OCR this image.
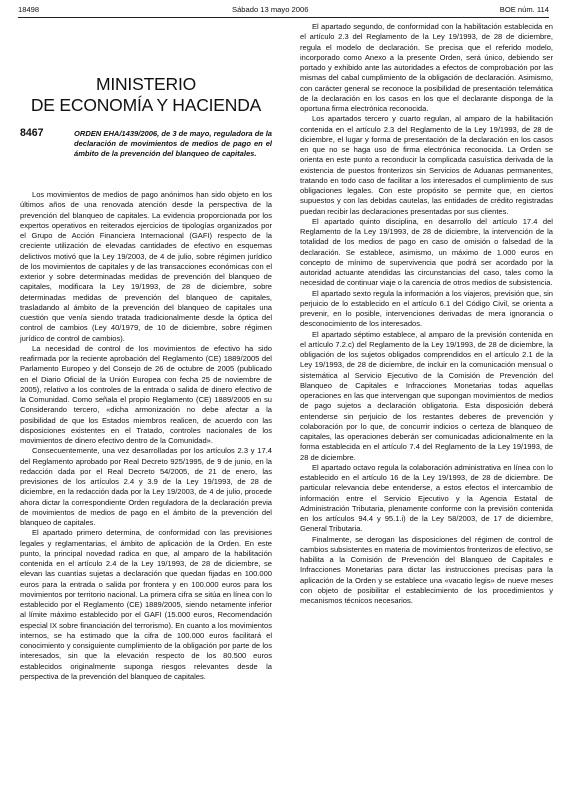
18498	Sábado 13 mayo 2006	BOE núm. 114
MINISTERIO
DE ECONOMÍA Y HACIENDA
8467	ORDEN EHA/1439/2006, de 3 de mayo, reguladora de la declaración de movimientos de medios de pago en el ámbito de la prevención del blanqueo de capitales.

Los movimientos de medios de pago anónimos han sido objeto en los últimos años de una renovada atención desde la perspectiva de la prevención del blanqueo de capitales. La evidencia proporcionada por los expertos operativos en reiterados ejercicios de tipologías organizados por el Grupo de Acción Financiera Internacional (GAFI) respecto de la creciente utilización de elevadas cantidades de efectivo en esquemas delictivos motivó que la Ley 19/2003, de 4 de julio, sobre régimen jurídico de los movimientos de capitales y de las transacciones económicas con el exterior y sobre determinadas medidas de prevención del blanqueo de capitales, modificara la Ley 19/1993, de 28 de diciembre, sobre determinadas medidas de prevención del blanqueo de capitales, trasladando al ámbito de la prevención del blanqueo de capitales una cuestión que venía siendo tratada tradicionalmente desde la óptica del control de cambios (Ley 40/1979, de 10 de diciembre, sobre régimen jurídico de control de cambios).

La necesidad de control de los movimientos de efectivo ha sido reafirmada por la reciente aprobación del Reglamento (CE) 1889/2005 del Parlamento Europeo y del Consejo de 26 de octubre de 2005 (publicado en el Diario Oficial de la Unión Europea con fecha 25 de noviembre de 2005), relativo a los controles de la entrada o salida de dinero efectivo de la Comunidad. Como señala el propio Reglamento (CE) 1889/2005 en su Considerando tercero, «dicha armonización no debe afectar a la posibilidad de que los Estados miembros realicen, de acuerdo con las disposiciones existentes en el Tratado, controles nacionales de los movimientos de dinero efectivo dentro de la Comunidad».

Consecuentemente, una vez desarrolladas por los artículos 2.3 y 17.4 del Reglamento aprobado por Real Decreto 925/1995, de 9 de junio, en la redacción dada por el Real Decreto 54/2005, de 21 de enero, las previsiones de los artículos 2.4 y 3.9 de la Ley 19/1993, de 28 de diciembre, en la redacción dada por la Ley 19/2003, de 4 de julio, procede ahora dictar la correspondiente Orden reguladora de la declaración previa de movimientos de medios de pago en el ámbito de la prevención del blanqueo de capitales.

El apartado primero determina, de conformidad con las previsiones legales y reglamentarias, el ámbito de aplicación de la Orden. En este punto, la principal novedad radica en que, al amparo de la habilitación contenida en el artículo 2.4 de la Ley 19/1993, de 28 de diciembre, se elevan las cuantías sujetas a declaración que quedan fijadas en 100.000 euros para la entrada o salida por frontera y en 100.000 euros para los movimientos por territorio nacional. La primera cifra se sitúa en línea con lo establecido por el Reglamento (CE) 1889/2005, siendo netamente inferior al límite máximo establecido por el GAFI (15.000 euros, Recomendación especial IX sobre financiación del terrorismo). En cuanto a los movimientos internos, se ha estimado que la cifra de 100.000 euros facilitará el conocimiento y consiguiente cumplimiento de la obligación por parte de los interesados, sin que la elevación respecto de los 80.500 euros establecidos originalmente suponga riesgos relevantes desde la perspectiva de la prevención del blanqueo de capitales.

El apartado segundo, de conformidad con la habilitación establecida en el artículo 2.3 del Reglamento de la Ley 19/1993, de 28 de diciembre, regula el modelo de declaración. Se precisa que el referido modelo, incorporado como Anexo a la presente Orden, será único, debiendo ser portado y exhibido ante las autoridades a efectos de comprobación por las mismas del cabal cumplimiento de la obligación de declaración. Asimismo, con carácter general se reconoce la posibilidad de presentación telemática de la declaración en los casos en los que el declarante disponga de la oportuna firma electrónica reconocida.

Los apartados tercero y cuarto regulan, al amparo de la habilitación contenida en el artículo 2.3 del Reglamento de la Ley 19/1993, de 28 de diciembre, el lugar y forma de presentación de la declaración en los casos en que no se haga uso de firma electrónica reconocida. La Orden se orienta en este punto a reconducir la complicada casuística derivada de la existencia de puestos fronterizos sin Servicios de Aduanas permanentes, tratando en todo caso de facilitar a los interesados el cumplimiento de sus obligaciones legales. Con este propósito se permite que, en ciertos supuestos y con las debidas cautelas, las entidades de crédito registradas puedan recibir las declaraciones presentadas por sus clientes.

El apartado quinto disciplina, en desarrollo del artículo 17.4 del Reglamento de la Ley 19/1993, de 28 de diciembre, la intervención de la totalidad de los medios de pago en caso de omisión o falsedad de la declaración. Se establece, asimismo, un máximo de 1.000 euros en concepto de mínimo de supervivencia que podrá ser acordado por la autoridad actuante atendidas las circunstancias del caso, tales como la necesidad de continuar viaje o la carencia de otros medios de subsistencia.

El apartado sexto regula la información a los viajeros, previsión que, sin perjuicio de lo establecido en el artículo 6.1 del Código Civil, se orienta a prevenir, en lo posible, intervenciones derivadas de mera ignorancia o desconocimiento de los interesados.

El apartado séptimo establece, al amparo de la previsión contenida en el artículo 7.2.c) del Reglamento de la Ley 19/1993, de 28 de diciembre, la obligación de los sujetos obligados comprendidos en el artículo 2.1 de la Ley 19/1993, de 28 de diciembre, de incluir en la comunicación mensual o sistemática al Servicio Ejecutivo de la Comisión de Prevención del Blanqueo de Capitales e Infracciones Monetarias todas aquellas operaciones en las que intervengan que supongan movimientos de medios de pago sujetos a declaración obligatoria. Esta disposición deberá entenderse sin perjuicio de los restantes deberes de prevención y colaboración por lo que, de concurrir indicios o certeza de blanqueo de capitales, las operaciones deberán ser comunicadas adicionalmente en la forma establecida en el artículo 7.4 del Reglamento de la Ley 19/1993, de 28 de diciembre.

El apartado octavo regula la colaboración administrativa en línea con lo establecido en el artículo 16 de la Ley 19/1993, de 28 de diciembre. De particular relevancia debe entenderse, a estos efectos el intercambio de información entre el Servicio Ejecutivo y la Agencia Estatal de Administración Tributaria, plenamente conforme con la previsión contenida en los artículos 94.4 y 95.1.i) de la Ley 58/2003, de 17 de diciembre, General Tributaria.

Finalmente, se derogan las disposiciones del régimen de control de cambios subsistentes en materia de movimientos fronterizos de efectivo, se habilita a la Comisión de Prevención del Blanqueo de Capitales e Infracciones Monetarias para dictar las instrucciones precisas para la aplicación de la Orden y se establece una «vacatio legis» de nueve meses con objeto de posibilitar el establecimiento de los procedimientos y mecanismos técnicos necesarios.
